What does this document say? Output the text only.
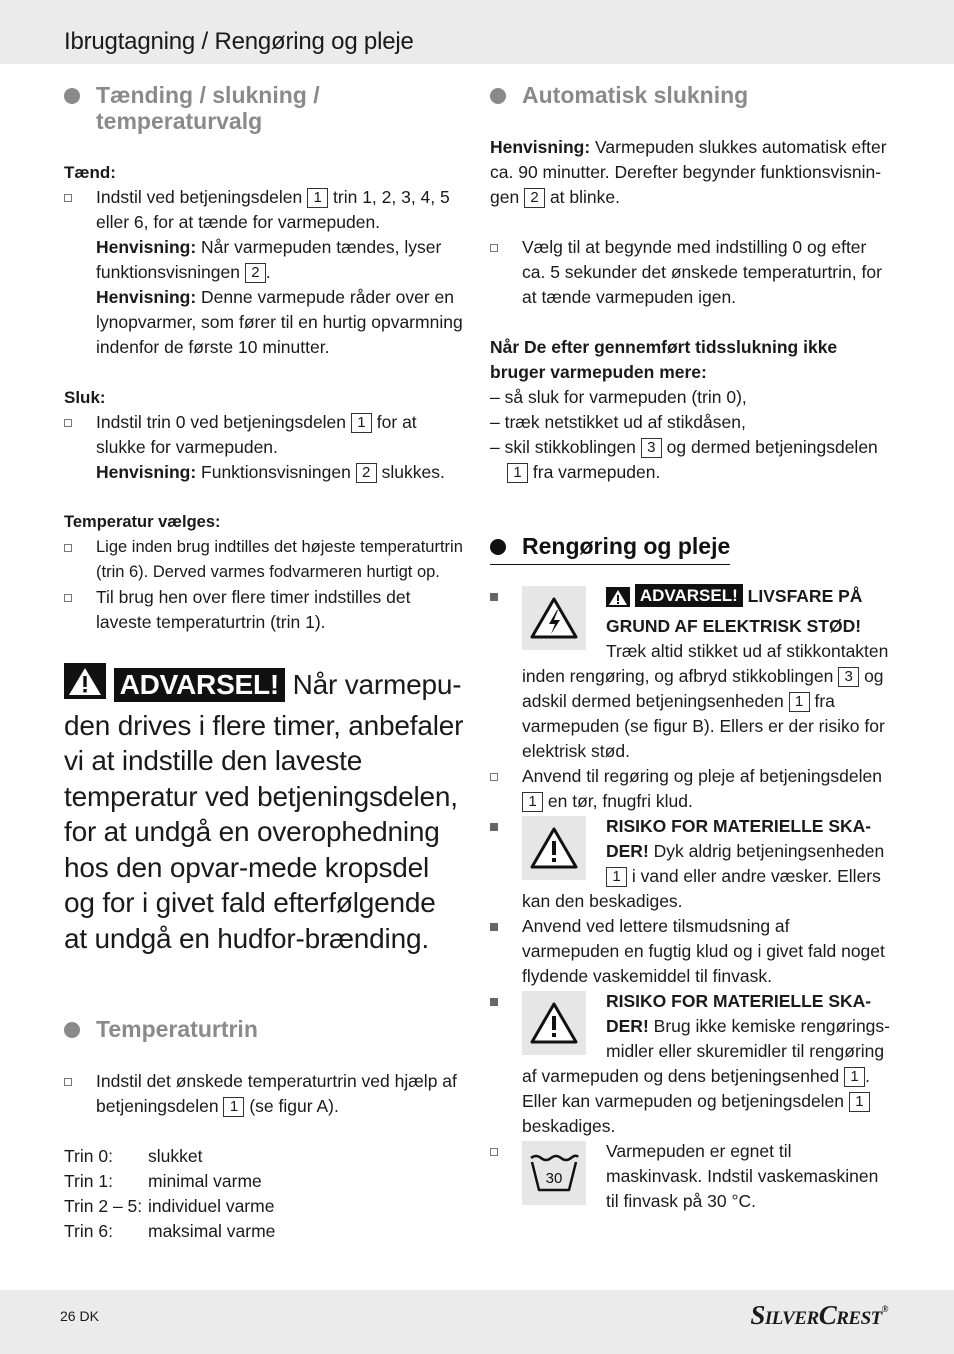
Ibrugtagning / Rengøring og pleje
Tænding / slukning / temperaturvalg
Tænd:
Indstil ved betjeningsdelen 1 trin 1, 2, 3, 4, 5 eller 6, for at tænde for varmepuden.
Henvisning: Når varmepuden tændes, lyser funktionsvisningen 2 .
Henvisning: Denne varmepude råder over en lynopvarmer, som fører til en hurtig opvarmning indenfor de første 10 minutter.
Sluk:
Indstil trin 0 ved betjeningsdelen 1 for at slukke for varmepuden.
Henvisning: Funktionsvisningen 2 slukkes.
Temperatur vælges:
Lige inden brug indtilles det højeste temperaturtrin (trin 6). Derved varmes fodvarmeren hurtigt op.
Til brug hen over flere timer indstilles det laveste temperaturtrin (trin 1).
ADVARSEL! Når varmepu-den drives i flere timer, anbefaler vi at indstille den laveste temperatur ved betjeningsdelen, for at undgå en overophedning hos den opvar-mede kropsdel og for i givet fald efterfølgende at undgå en hudfor-brænding.
Temperaturtrin
Indstil det ønskede temperaturtrin ved hjælp af betjeningsdelen 1 (se figur A).
Trin 0:	slukket
Trin 1:	minimal varme
Trin 2 – 5:	individuel varme
Trin 6:	maksimal varme
Automatisk slukning
Henvisning: Varmepuden slukkes automatisk efter ca. 90 minutter. Derefter begynder funktionsvisnin-gen 2 at blinke.
Vælg til at begynde med indstilling 0 og efter ca. 5 sekunder det ønskede temperaturtrin, for at tænde varmepuden igen.
Når De efter gennemført tidsslukning ikke bruger varmepuden mere:
– så sluk for varmepuden (trin 0),
– træk netstikket ud af stikdåsen,
– skil stikkoblingen 3 og dermed betjeningsdelen
1 fra varmepuden.
Rengøring og pleje
ADVARSEL! LIVSFARE PÅ GRUND AF ELEKTRISK STØD! Træk altid stikket ud af stikkontakten inden rengøring, og afbryd stikkoblingen 3 og adskil dermed betjeningsenheden 1 fra varmepuden (se figur B). Ellers er der risiko for elektrisk stød.
Anvend til regøring og pleje af betjeningsdelen 1 en tør, fnugfri klud.
RISIKO FOR MATERIELLE SKA-DER! Dyk aldrig betjeningsenheden 1 i vand eller andre væsker. Ellers kan den beskadiges.
Anvend ved lettere tilsmudsning af varmepuden en fugtig klud og i givet fald noget flydende vaskemiddel til finvask.
RISIKO FOR MATERIELLE SKA-DER! Brug ikke kemiske rengørings-midler eller skuremidler til rengøring af varmepuden og dens betjeningsenhed 1 . Eller kan varmepuden og betjeningsdelen 1 beskadiges.
30
Varmepuden er egnet til maskinvask. Indstil vaskemaskinen til finvask på 30 °C.
26 DK	SILVERCREST®
